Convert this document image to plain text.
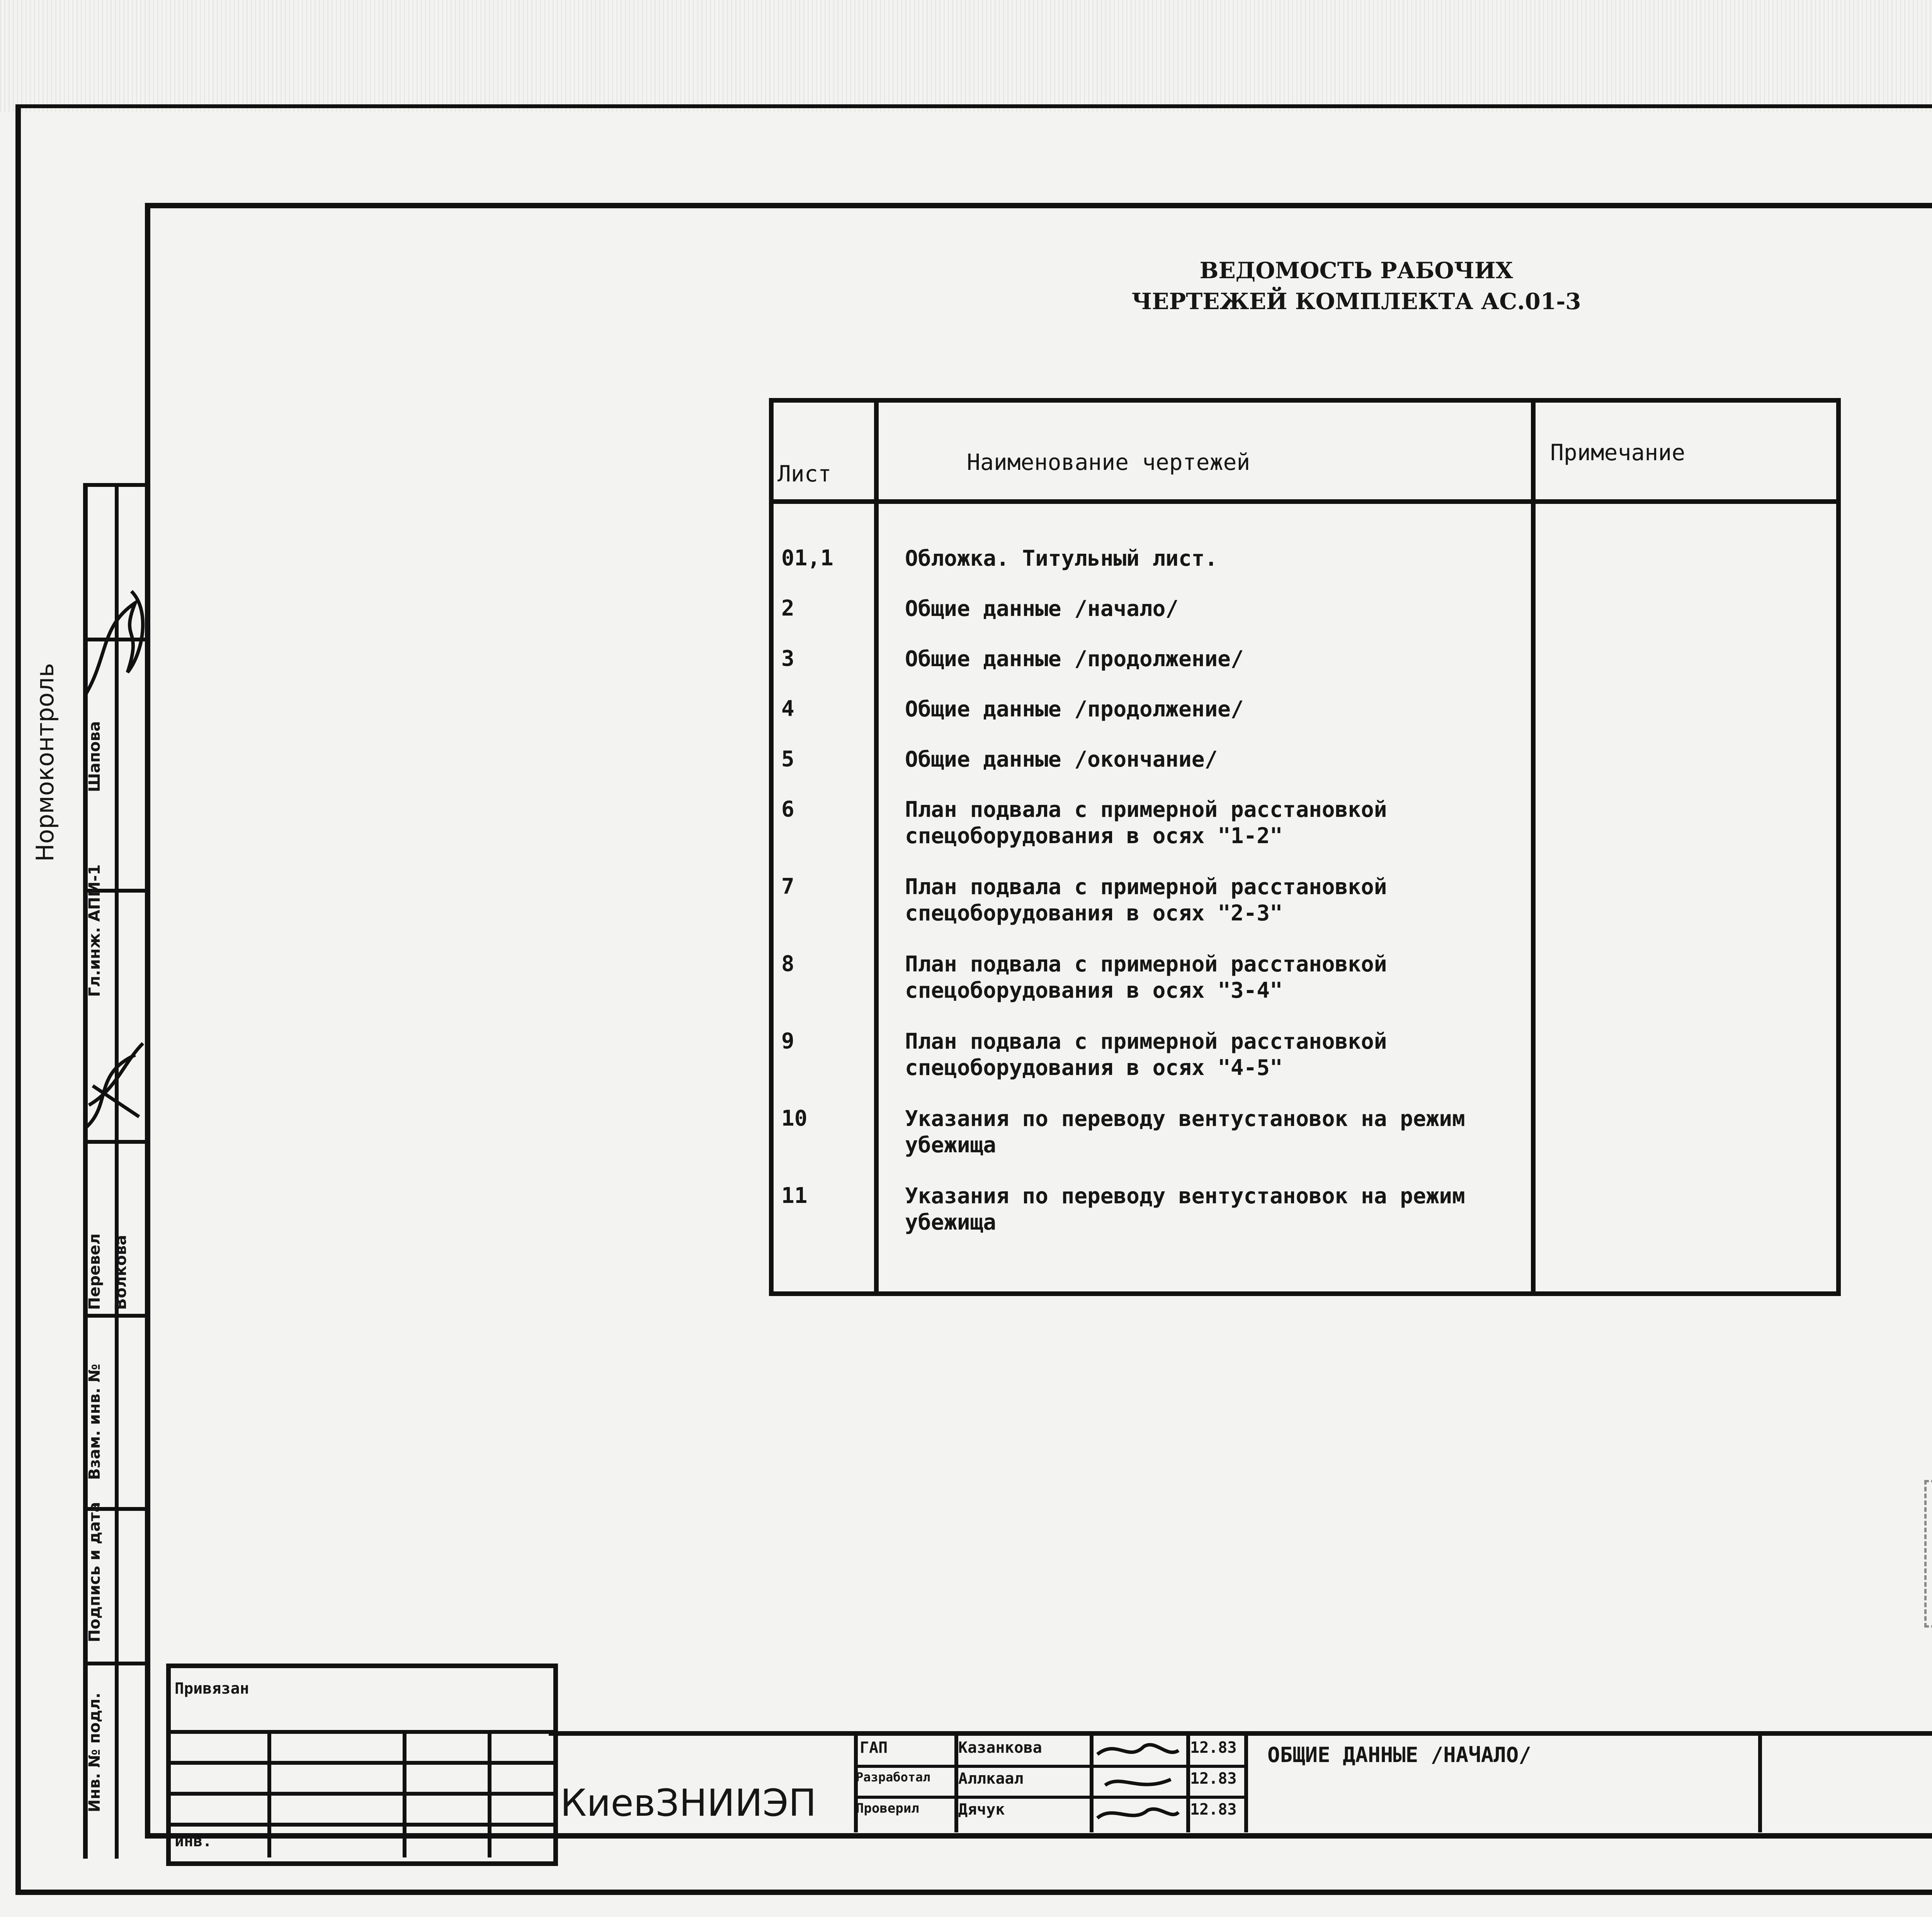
ВЕДОМОСТЬ РАБОЧИХ
ЧЕРТЕЖЕЙ КОМПЛЕКТА АС.01-3
Лист	Наименование чертежей	Примечание
01,1	Обложка. Титульный лист.
2	Общие данные /начало/
3	Общие данные /продолжение/
4	Общие данные /продолжение/
5	Общие данные /окончание/
6	План подвала с примерной расстановкой спецоборудования в осях "1-2"
7	План подвала с примерной расстановкой спецоборудования в осях "2-3"
8	План подвала с примерной расстановкой спецоборудования в осях "3-4"
9	План подвала с примерной расстановкой спецоборудования в осях "4-5"
10	Указания по переводу вентустановок на режим убежища
11	Указания по переводу вентустановок на режим убежища
Нормоконтроль
Гл.инж. АПМ-1
Шапова
Перевел Волкова
Взам. инв. №
Подпись и дата
Инв. № подл.
Привязан
инв.
КиевЗНИИЭП
ГАП	Казанкова	12.83
Разработал Аллкаал	12.83
Проверил	Дячук	12.83
ОБЩИЕ ДАННЫЕ /НАЧАЛО/
